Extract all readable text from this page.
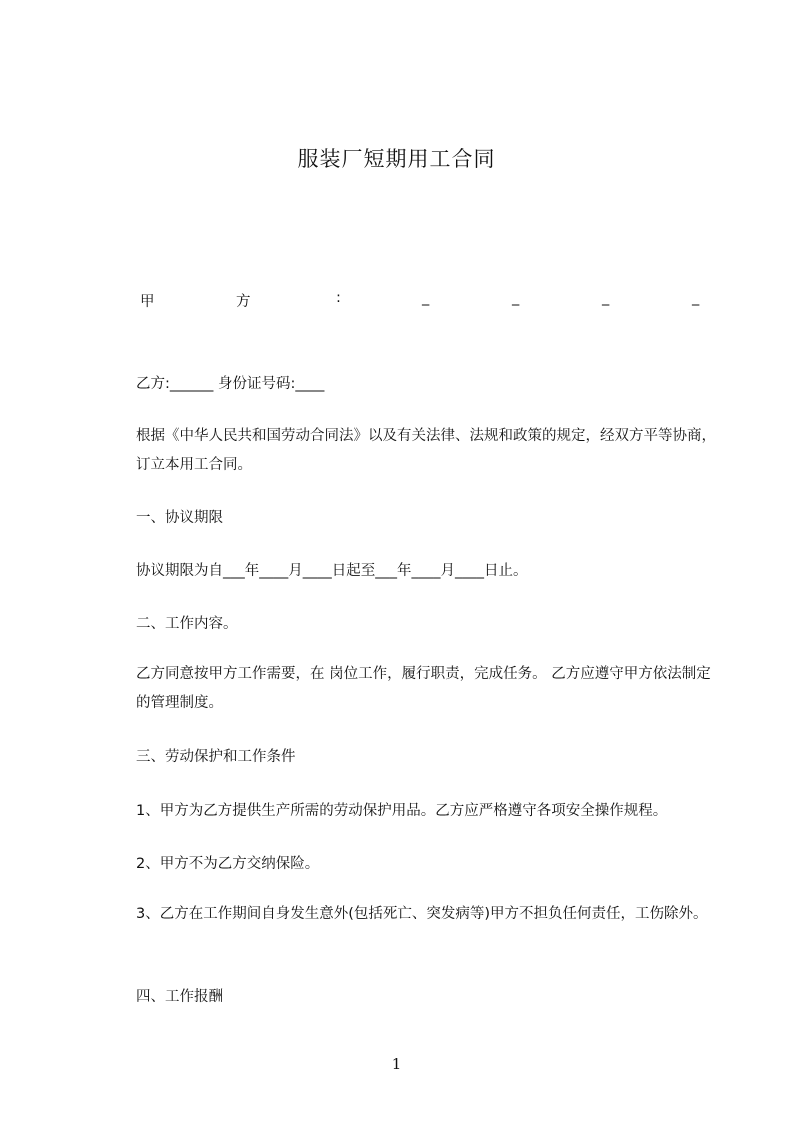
服装厂短期用工合同
甲	方	:	_	_	_	_
乙方:______ 身份证号码:____
根据《中华人民共和国劳动合同法》以及有关法律、法规和政策的规定，经双方平等协商，订立本用工合同。
一、协议期限
协议期限为自___年____月____日起至___年____月____日止。
二、工作内容。
乙方同意按甲方工作需要，在 岗位工作，履行职责，完成任务。 乙方应遵守甲方依法制定的管理制度。
三、劳动保护和工作条件
1、甲方为乙方提供生产所需的劳动保护用品。乙方应严格遵守各项安全操作规程。
2、甲方不为乙方交纳保险。
3、乙方在工作期间自身发生意外(包括死亡、突发病等)甲方不担负任何责任，工伤除外。
四、工作报酬
1
